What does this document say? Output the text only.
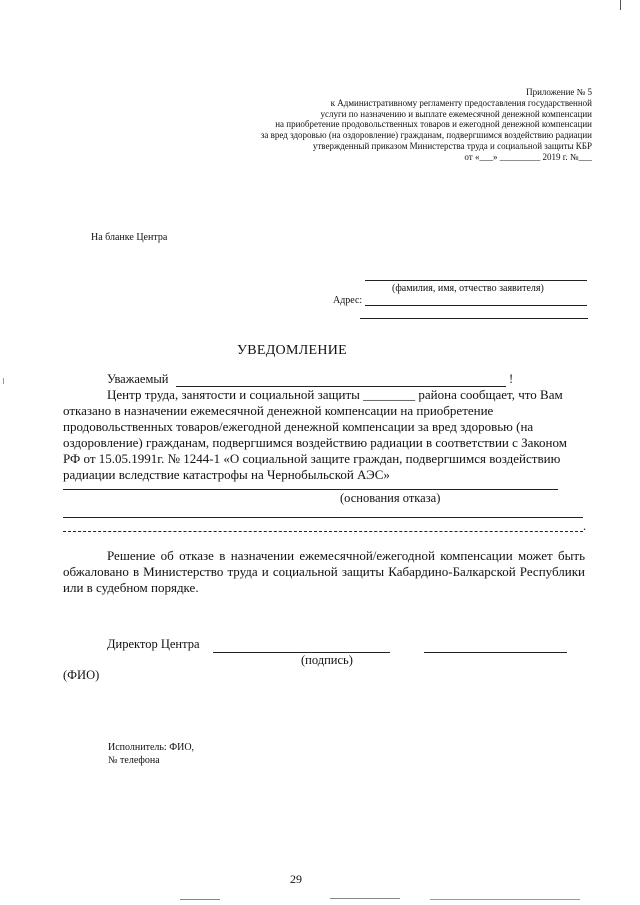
Приложение № 5
к Административному регламенту предоставления государственной
услуги по назначению и выплате ежемесячной денежной компенсации
на приобретение продовольственных товаров и ежегодной денежной компенсации
за вред здоровью (на оздоровление) гражданам, подвергшимся воздействию радиации
утвержденный приказом Министерства труда и социальной защиты КБР
от «___» _________ 2019 г. №___
На бланке Центра
(фамилия, имя, отчество заявителя)
Адрес:
УВЕДОМЛЕНИЕ
Уважаемый	!
Центр труда, занятости и социальной защиты ________ района сообщает, что Вам отказано в назначении ежемесячной денежной компенсации на приобретение продовольственных товаров/ежегодной денежной компенсации за вред здоровью (на оздоровление) гражданам, подвергшимся воздействию радиации в соответствии с Законом РФ от 15.05.1991г. № 1244-1 «О социальной защите граждан, подвергшимся воздействию радиации вследствие катастрофы на Чернобыльской АЭС»
(основания отказа)
.
Решение об отказе в назначении ежемесячной/ежегодной компенсации может быть обжаловано в Министерство труда и социальной защиты Кабардино-Балкарской Республики или в судебном порядке.
Директор Центра
(подпись)
(ФИО)
Исполнитель: ФИО,
№ телефона
29
